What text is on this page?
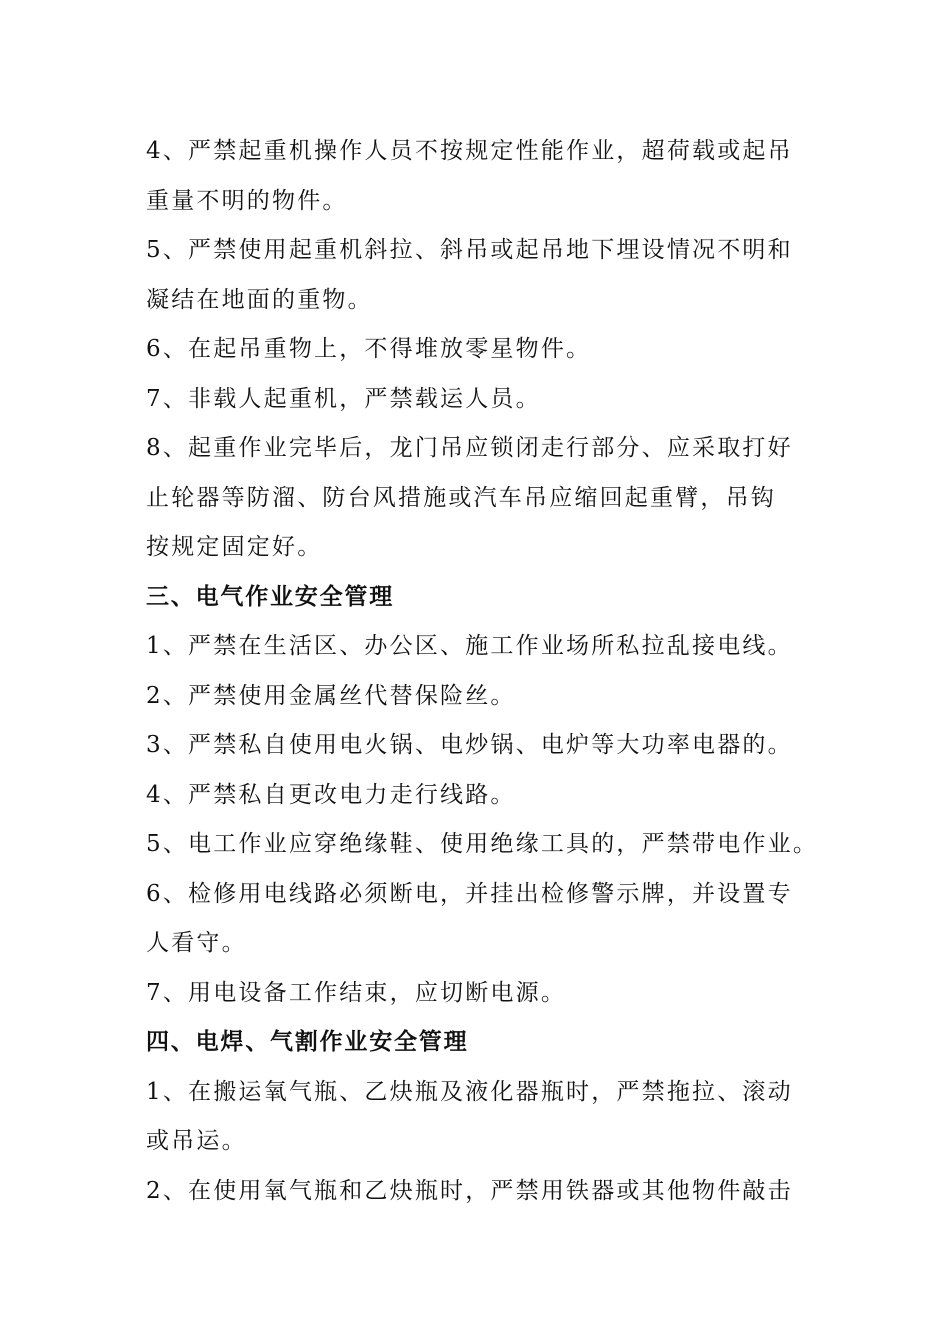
4、严禁起重机操作人员不按规定性能作业，超荷载或起吊
重量不明的物件。
5、严禁使用起重机斜拉、斜吊或起吊地下埋设情况不明和
凝结在地面的重物。
6、在起吊重物上，不得堆放零星物件。
7、非载人起重机，严禁载运人员。
8、起重作业完毕后，龙门吊应锁闭走行部分、应采取打好
止轮器等防溜、防台风措施或汽车吊应缩回起重臂，吊钩
按规定固定好。
三、电气作业安全管理
1、严禁在生活区、办公区、施工作业场所私拉乱接电线。
2、严禁使用金属丝代替保险丝。
3、严禁私自使用电火锅、电炒锅、电炉等大功率电器的。
4、严禁私自更改电力走行线路。
5、电工作业应穿绝缘鞋、使用绝缘工具的，严禁带电作业。
6、检修用电线路必须断电，并挂出检修警示牌，并设置专
人看守。
7、用电设备工作结束，应切断电源。
四、电焊、气割作业安全管理
1、在搬运氧气瓶、乙炔瓶及液化器瓶时，严禁拖拉、滚动
或吊运。
2、在使用氧气瓶和乙炔瓶时，严禁用铁器或其他物件敲击
